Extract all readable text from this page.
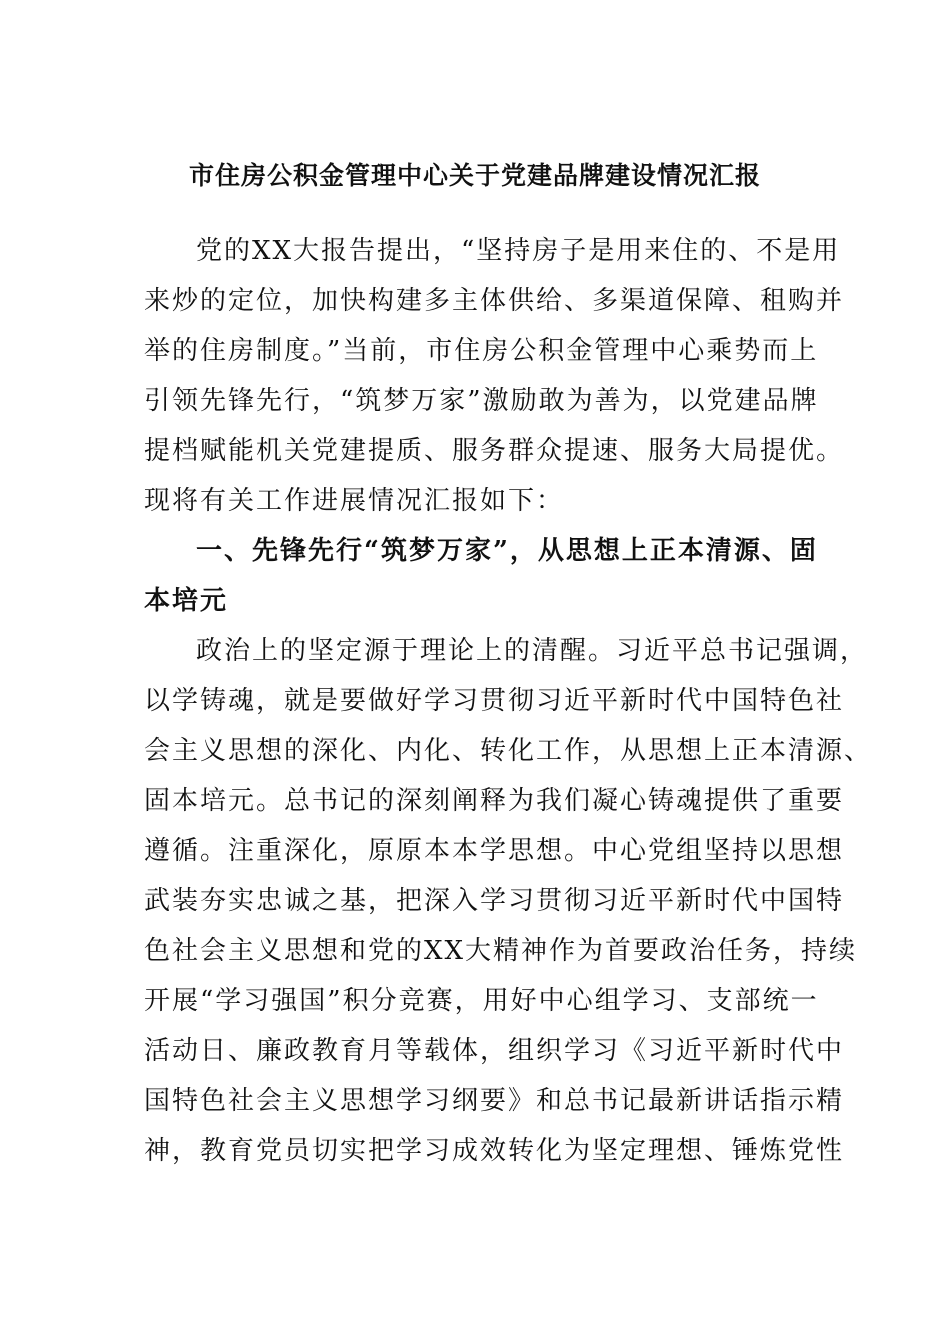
市住房公积金管理中心关于党建品牌建设情况汇报
党的XX大报告提出，“坚持房子是用来住的、不是用
来炒的定位，加快构建多主体供给、多渠道保障、租购并
举的住房制度。”当前，市住房公积金管理中心乘势而上
引领先锋先行，“筑梦万家”激励敢为善为，以党建品牌
提档赋能机关党建提质、服务群众提速、服务大局提优。
现将有关工作进展情况汇报如下：
一、先锋先行“筑梦万家”，从思想上正本清源、固
本培元
政治上的坚定源于理论上的清醒。习近平总书记强调，
以学铸魂，就是要做好学习贯彻习近平新时代中国特色社
会主义思想的深化、内化、转化工作，从思想上正本清源、
固本培元。总书记的深刻阐释为我们凝心铸魂提供了重要
遵循。注重深化，原原本本学思想。中心党组坚持以思想
武装夯实忠诚之基，把深入学习贯彻习近平新时代中国特
色社会主义思想和党的XX大精神作为首要政治任务，持续
开展“学习强国”积分竞赛，用好中心组学习、支部统一
活动日、廉政教育月等载体，组织学习《习近平新时代中
国特色社会主义思想学习纲要》和总书记最新讲话指示精
神，教育党员切实把学习成效转化为坚定理想、锤炼党性
